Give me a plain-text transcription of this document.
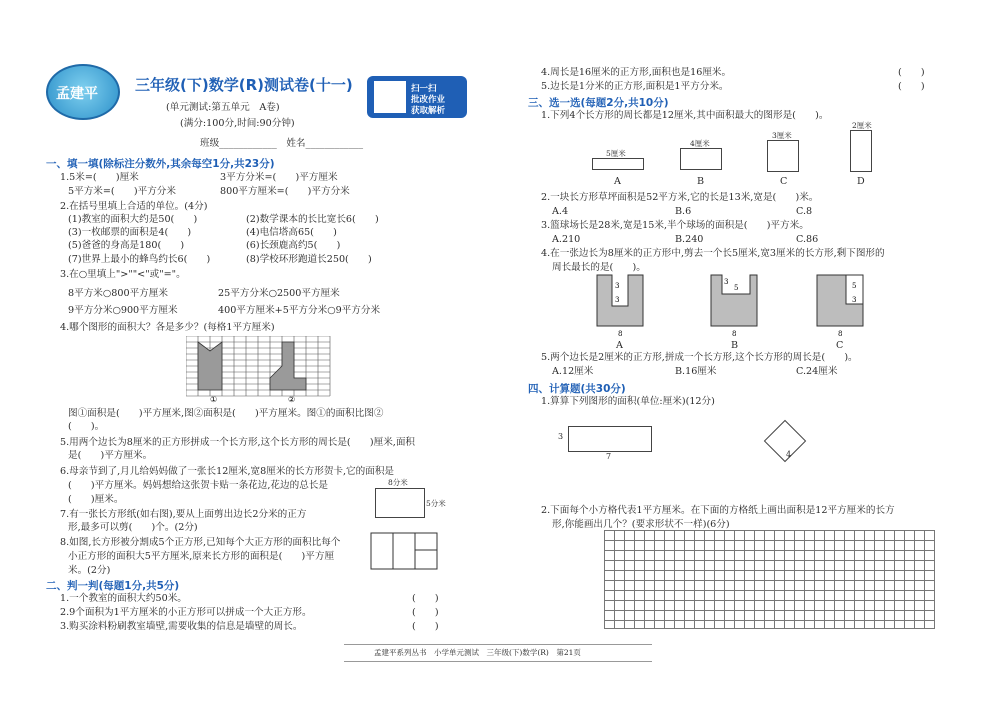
孟建平 三年级(下)数学(R)测试卷(十一)	扫一扫
批改作业
获取解析
(单元测试:第五单元　A卷)
(满分:100分,时间:90分钟)
班级____________　姓名____________
一、填一填(除标注分数外,其余每空1分,共23分)
1.5米=(　　)厘米	3平方分米=(　　)平方厘米
5平方米=(　　)平方分米	800平方厘米=(　　)平方分米
2.在括号里填上合适的单位。(4分)
(1)教室的面积大约是50(　　)	(2)数学课本的长比宽长6(　　)
(3)一枚邮票的面积是4(　　)	(4)电信塔高65(　　)
(5)爸爸的身高是180(　　)	(6)长颈鹿高约5(　　)
(7)世界上最小的蜂鸟约长6(　　)	(8)学校环形跑道长250(　　)
3.在○里填上">""<"或"="。
8平方米○800平方厘米	25平方分米○2500平方厘米
9平方分米○900平方厘米	400平方厘米+5平方分米○9平方分米
4.哪个图形的面积大？各是多少？(每格1平方厘米)
①	②
图①面积是(　　)平方厘米,图②面积是(　　)平方厘米。图①的面积比图②
(　　)。
5.用两个边长为8厘米的正方形拼成一个长方形,这个长方形的周长是(　　)厘米,面积
是(　　)平方厘米。
6.母亲节到了,月儿给妈妈做了一张长12厘米,宽8厘米的长方形贺卡,它的面积是
(　　)平方厘米。妈妈想给这张贺卡贴一条花边,花边的总长是
(　　)厘米。
8分米
5分米
7.有一张长方形纸(如右图),要从上面剪出边长2分米的正方
形,最多可以剪(　　)个。(2分)
8.如图,长方形被分割成5个正方形,已知每个大正方形的面积比每个
小正方形的面积大5平方厘米,原来长方形的面积是(　　)平方厘
米。(2分)
二、判一判(每题1分,共5分)
1.一个教室的面积大约50米。	(　　)
2.9个面积为1平方厘米的小正方形可以拼成一个大正方形。	(　　)
3.购买涂料粉刷教室墙壁,需要收集的信息是墙壁的周长。	(　　)
4.周长是16厘米的正方形,面积也是16厘米。	(　　)
5.边长是1分米的正方形,面积是1平方分米。	(　　)
三、选一选(每题2分,共10分)
1.下列4个长方形的周长都是12厘米,其中面积最大的图形是(　　)。
5厘米
4厘米
3厘米
2厘米
A	B	C	D
2.一块长方形草坪面积是52平方米,它的长是13米,宽是(　　)米。
A.4	B.6	C.8
3.篮球场长是28米,宽是15米,半个球场的面积是(　　)平方米。
A.210	B.240	C.86
4.在一张边长为8厘米的正方形中,剪去一个长5厘米,宽3厘米的长方形,剩下图形的
周长最长的是(　　)。
3
3
8
3
5
8
5
3
8
A	B	C
5.两个边长是2厘米的正方形,拼成一个长方形,这个长方形的周长是(　　)。
A.12厘米	B.16厘米	C.24厘米
四、计算题(共30分)
1.算算下列图形的面积(单位:厘米)(12分)
3
7	4
2.下面每个小方格代表1平方厘米。在下面的方格纸上画出面积是12平方厘米的长方
形,你能画出几个？(要求形状不一样)(6分)
孟建平系列丛书　小学单元测试　三年级(下)数学(R)　第21页
